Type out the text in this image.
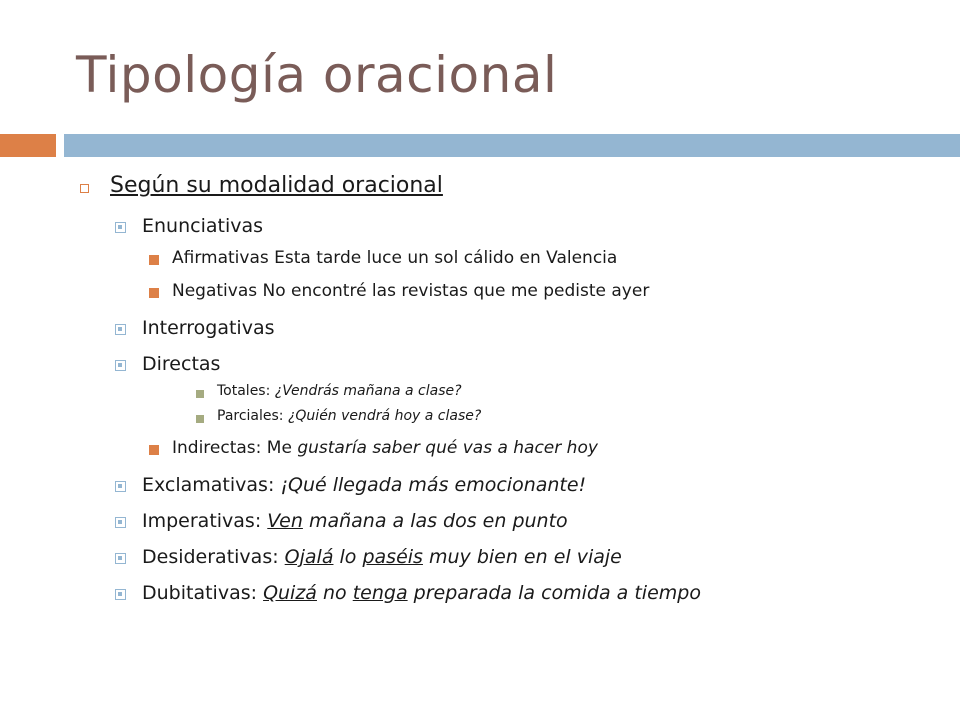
Tipología oracional
Según su modalidad oracional
Enunciativas
Afirmativas Esta tarde luce un sol cálido en Valencia
Negativas No encontré las revistas que me pediste ayer
Interrogativas
Directas
Totales: ¿Vendrás mañana a clase?
Parciales: ¿Quién vendrá hoy a clase?
Indirectas: Me gustaría saber qué vas a hacer hoy
Exclamativas: ¡Qué llegada más emocionante!
Imperativas: Ven mañana a las dos en punto
Desiderativas: Ojalá lo paséis muy bien en el viaje
Dubitativas: Quizá no tenga preparada la comida a tiempo
